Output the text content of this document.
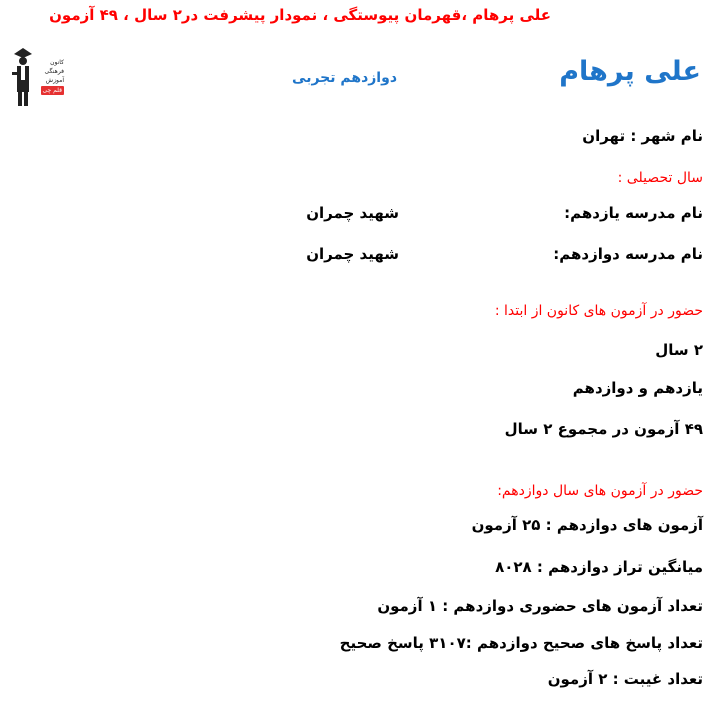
علی پرهام ،قهرمان پیوستگی ، نمودار پیشرفت در۲ سال ، ۴۹ آزمون
کانون
فرهنگی
آموزش
قلم چی
علی پرهام
دوازدهم تجربی
نام شهر : تهران
سال تحصیلی :
نام مدرسه یازدهم:
شهید چمران
نام مدرسه دوازدهم:
شهید چمران
حضور در آزمون های کانون از ابتدا :
۲ سال
یازدهم و دوازدهم
۴۹ آزمون در مجموع ۲ سال
حضور در آزمون های سال دوازدهم:
آزمون های دوازدهم : ۲۵ آزمون
میانگین تراز دوازدهم : ۸۰۲۸
تعداد آزمون های حضوری دوازدهم : ۱ آزمون
تعداد پاسخ های صحیح دوازدهم :۳۱۰۷ پاسخ صحیح
تعداد غیبت : ۲ آزمون
